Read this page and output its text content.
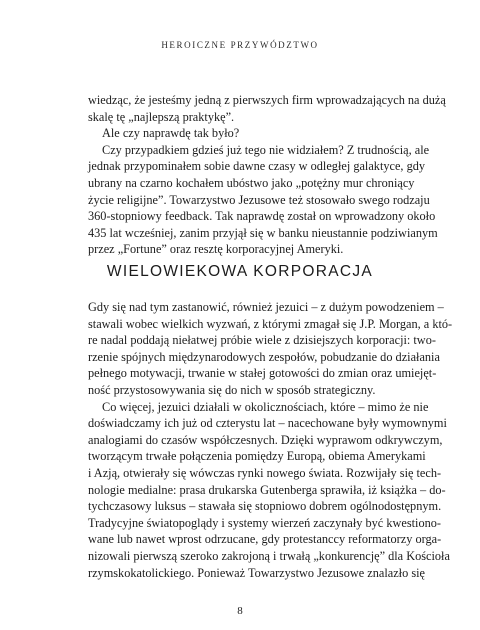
HEROICZNE PRZYWÓDZTWO
wiedząc, że jesteśmy jedną z pierwszych firm wprowadzających na dużą
skalę tę „najlepszą praktykę”.
Ale czy naprawdę tak było?
Czy przypadkiem gdzieś już tego nie widziałem? Z trudnością, ale
jednak przypominałem sobie dawne czasy w odległej galaktyce, gdy
ubrany na czarno kochałem ubóstwo jako „potężny mur chroniący
życie religijne”. Towarzystwo Jezusowe też stosowało swego rodzaju
360-stopniowy feedback. Tak naprawdę został on wprowadzony około
435 lat wcześniej, zanim przyjął się w banku nieustannie podziwianym
przez „Fortune” oraz resztę korporacyjnej Ameryki.
WIELOWIEKOWA KORPORACJA
Gdy się nad tym zastanowić, również jezuici – z dużym powodzeniem –
stawali wobec wielkich wyzwań, z którymi zmagał się J.P. Morgan, a któ-
re nadal poddają niełatwej próbie wiele z dzisiejszych korporacji: two-
rzenie spójnych międzynarodowych zespołów, pobudzanie do działania
pełnego motywacji, trwanie w stałej gotowości do zmian oraz umiejęt-
ność przystosowywania się do nich w sposób strategiczny.
Co więcej, jezuici działali w okolicznościach, które – mimo że nie
doświadczamy ich już od czterystu lat – nacechowane były wymownymi
analogiami do czasów współczesnych. Dzięki wyprawom odkrywczym,
tworzącym trwałe połączenia pomiędzy Europą, obiema Amerykami
i Azją, otwierały się wówczas rynki nowego świata. Rozwijały się tech-
nologie medialne: prasa drukarska Gutenberga sprawiła, iż książka – do-
tychczasowy luksus – stawała się stopniowo dobrem ogólnodostępnym.
Tradycyjne światopoglądy i systemy wierzeń zaczynały być kwestiono-
wane lub nawet wprost odrzucane, gdy protestanccy reformatorzy orga-
nizowali pierwszą szeroko zakrojoną i trwałą „konkurencję” dla Kościoła
rzymskokatolickiego. Ponieważ Towarzystwo Jezusowe znalazło się
8
